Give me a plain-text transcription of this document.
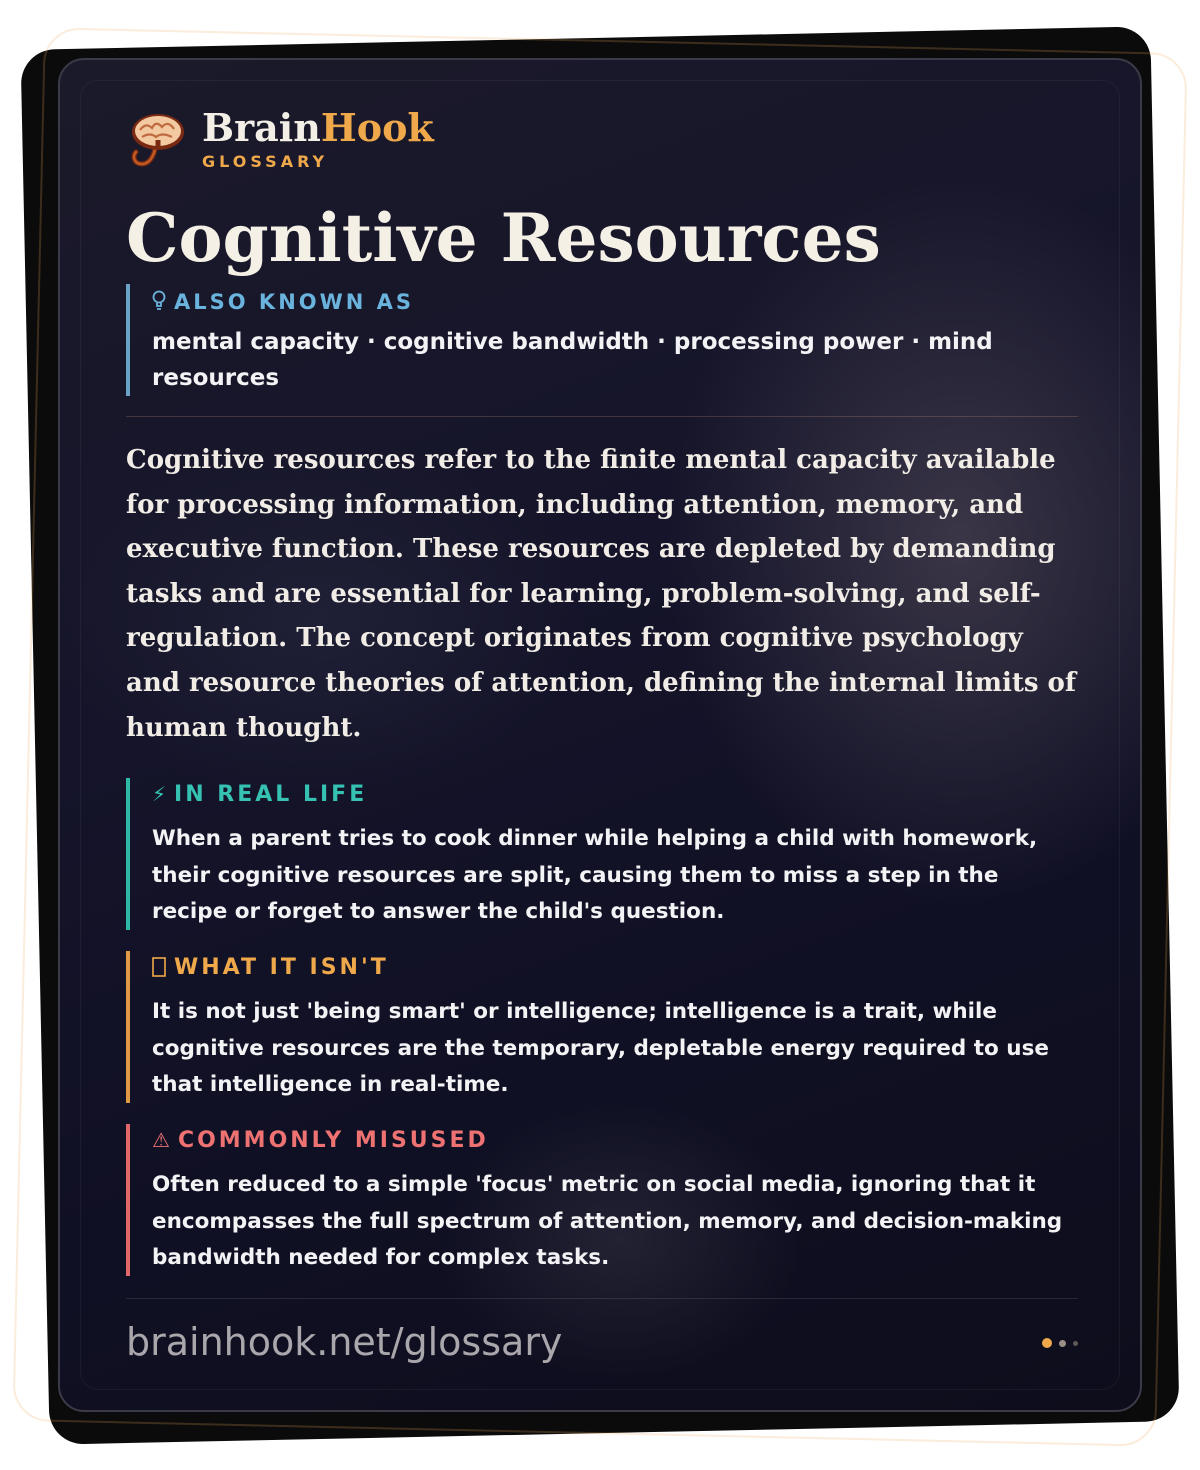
BrainHook
GLOSSARY
Cognitive Resources
ALSO KNOWN AS
mental capacity · cognitive bandwidth · processing power · mind resources
Cognitive resources refer to the finite mental capacity available for processing information, including attention, memory, and executive function. These resources are depleted by demanding tasks and are essential for learning, problem-solving, and self-regulation. The concept originates from cognitive psychology and resource theories of attention, defining the internal limits of human thought.
⚡ IN REAL LIFE
When a parent tries to cook dinner while helping a child with homework, their cognitive resources are split, causing them to miss a step in the recipe or forget to answer the child's question.
WHAT IT ISN'T
It is not just 'being smart' or intelligence; intelligence is a trait, while cognitive resources are the temporary, depletable energy required to use that intelligence in real-time.
⚠ COMMONLY MISUSED
Often reduced to a simple 'focus' metric on social media, ignoring that it encompasses the full spectrum of attention, memory, and decision-making bandwidth needed for complex tasks.
brainhook.net/glossary
